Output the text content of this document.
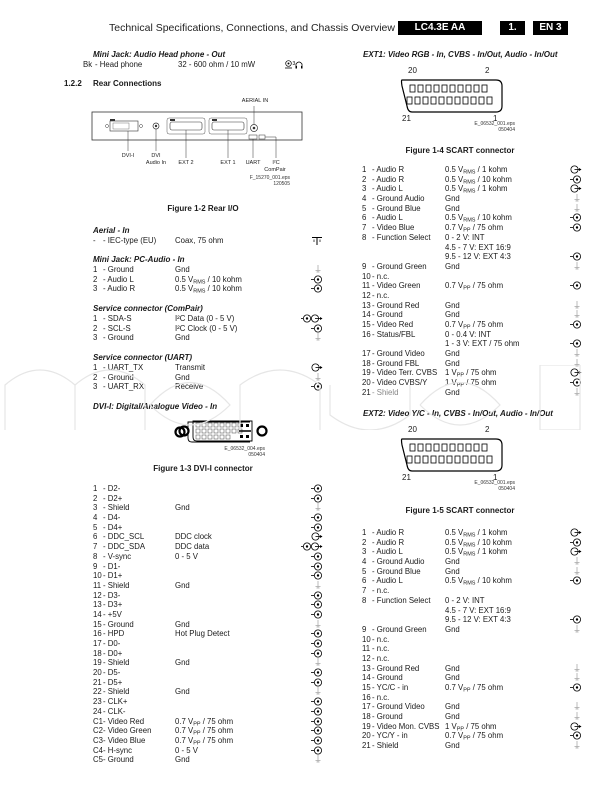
Technical Specifications, Connections, and Chassis Overview	LC4.3E AA	1.	EN 3
Mini Jack: Audio Head phone - Out
Bk - Head phone	32 - 600 ohm / 10 mW	3
1.2.2 Rear Connections
AERIAL IN
DVI-I	DVI
Audio In	EXT 2	EXT 1	UART	I²C
ComPair
F_15270_001.eps
120505
Figure 1-2 Rear I/O
Aerial - In
- - IEC-type (EU) Coax, 75 ohm
Mini Jack: PC-Audio - In
1 - Ground	Gnd
2 - Audio L	0.5 $V_{RMS} / 10$ kohm
3 - Audio R	0.5 $V_{RMS} / 10$ kohm
Service connector (ComPair)
1 - SDA-S	I²C Data (0 - 5 V)
2 - SCL-S	I²C Clock (0 - 5 V)
3 - Ground	Gnd
Service connector (UART)
1 - UART_TX	Transmit
2 - Ground	Gnd
3 - UART_RX	Receive
DVI-I: Digital/Analogue Video - In
E_06532_004.eps
050404
Figure 1-3 DVI-I connector
1 - D2-
2 - D2+
3 - Shield	Gnd
4 - D4-
5 - D4+
6 - DDC_SCL	DDC clock
7 - DDC_SDA	DDC data
8 - V-sync	0 - 5 V
9 - D1-
10 - D1+
11 - Shield	Gnd
12 - D3-
13 - D3+
14 - +5V
15 - Ground	Gnd
16 - HPD	Hot Plug Detect
17 - D0-
18 - D0+
19 - Shield	Gnd
20 - D5-
21 - D5+
22 - Shield	Gnd
23 - CLK+
24 - CLK-
C1 - Video Red	0.7 $V_{PP} / 75$ ohm
C2 - Video Green	0.7 $V_{PP} / 75$ ohm
C3 - Video Blue	0.7 $V_{PP} / 75$ ohm
C4 - H-sync	0 - 5 V
C5 - Ground	Gnd
EXT1: Video RGB - In, CVBS - In/Out, Audio - In/Out
20	2
21	1
E_06532_001.eps
050404
Figure 1-4 SCART connector
1 - Audio R	0.5 $V_{RMS} / 1$ kohm
2 - Audio R	0.5 $V_{RMS} / 10$ kohm
3 - Audio L	0.5 $V_{RMS} / 1$ kohm
4 - Ground Audio	Gnd
5 - Ground Blue	Gnd
6 - Audio L	0.5 $V_{RMS} / 10$ kohm
7 - Video Blue	0.7 $V_{PP} / 75$ ohm
8 - Function Select 0 - 2 V: INT
4.5 - 7 V: EXT 16:9
9.5 - 12 V: EXT 4:3
9 - Ground Green Gnd
10 - n.c.
11 - Video Green	0.7 $V_{PP} / 75$ ohm
12 - n.c.
13 - Ground Red	Gnd
14 - Ground	Gnd
15 - Video Red	0.7 $V_{PP} / 75$ ohm
16 - Status/FBL	0 - 0.4 V: INT
1 - 3 V: EXT / 75 ohm
17 - Ground Video	Gnd
18 - Ground FBL	Gnd
19 - Video Terr. CVBS 1 $V_{PP} / 75$ ohm
20 - Video CVBS/Y 1 $V_{PP} / 75$ ohm
21 - Shield	Gnd
EXT2: Video Y/C - In, CVBS - In/Out, Audio - In/Out
20	2
21	1
E_06532_001.eps
050404
Figure 1-5 SCART connector
1 - Audio R	0.5 $V_{RMS} / 1$ kohm
2 - Audio R	0.5 $V_{RMS} / 10$ kohm
3 - Audio L	0.5 $V_{RMS} / 1$ kohm
4 - Ground Audio	Gnd
5 - Ground Blue	Gnd
6 - Audio L	0.5 $V_{RMS} / 10$ kohm
7 - n.c.
8 - Function Select 0 - 2 V: INT
4.5 - 7 V: EXT 16:9
9.5 - 12 V: EXT 4:3
9 - Ground Green Gnd
10 - n.c.
11 - n.c.
12 - n.c.
13 - Ground Red	Gnd
14 - Ground	Gnd
15 - YC/C - in	0.7 $V_{PP} / 75$ ohm
16 - n.c.
17 - Ground Video	Gnd
18 - Ground	Gnd
19 - Video Mon. CVBS 1 $V_{PP} / 75$ ohm
20 - YC/Y - in	0.7 $V_{PP} / 75$ ohm
21 - Shield	Gnd
